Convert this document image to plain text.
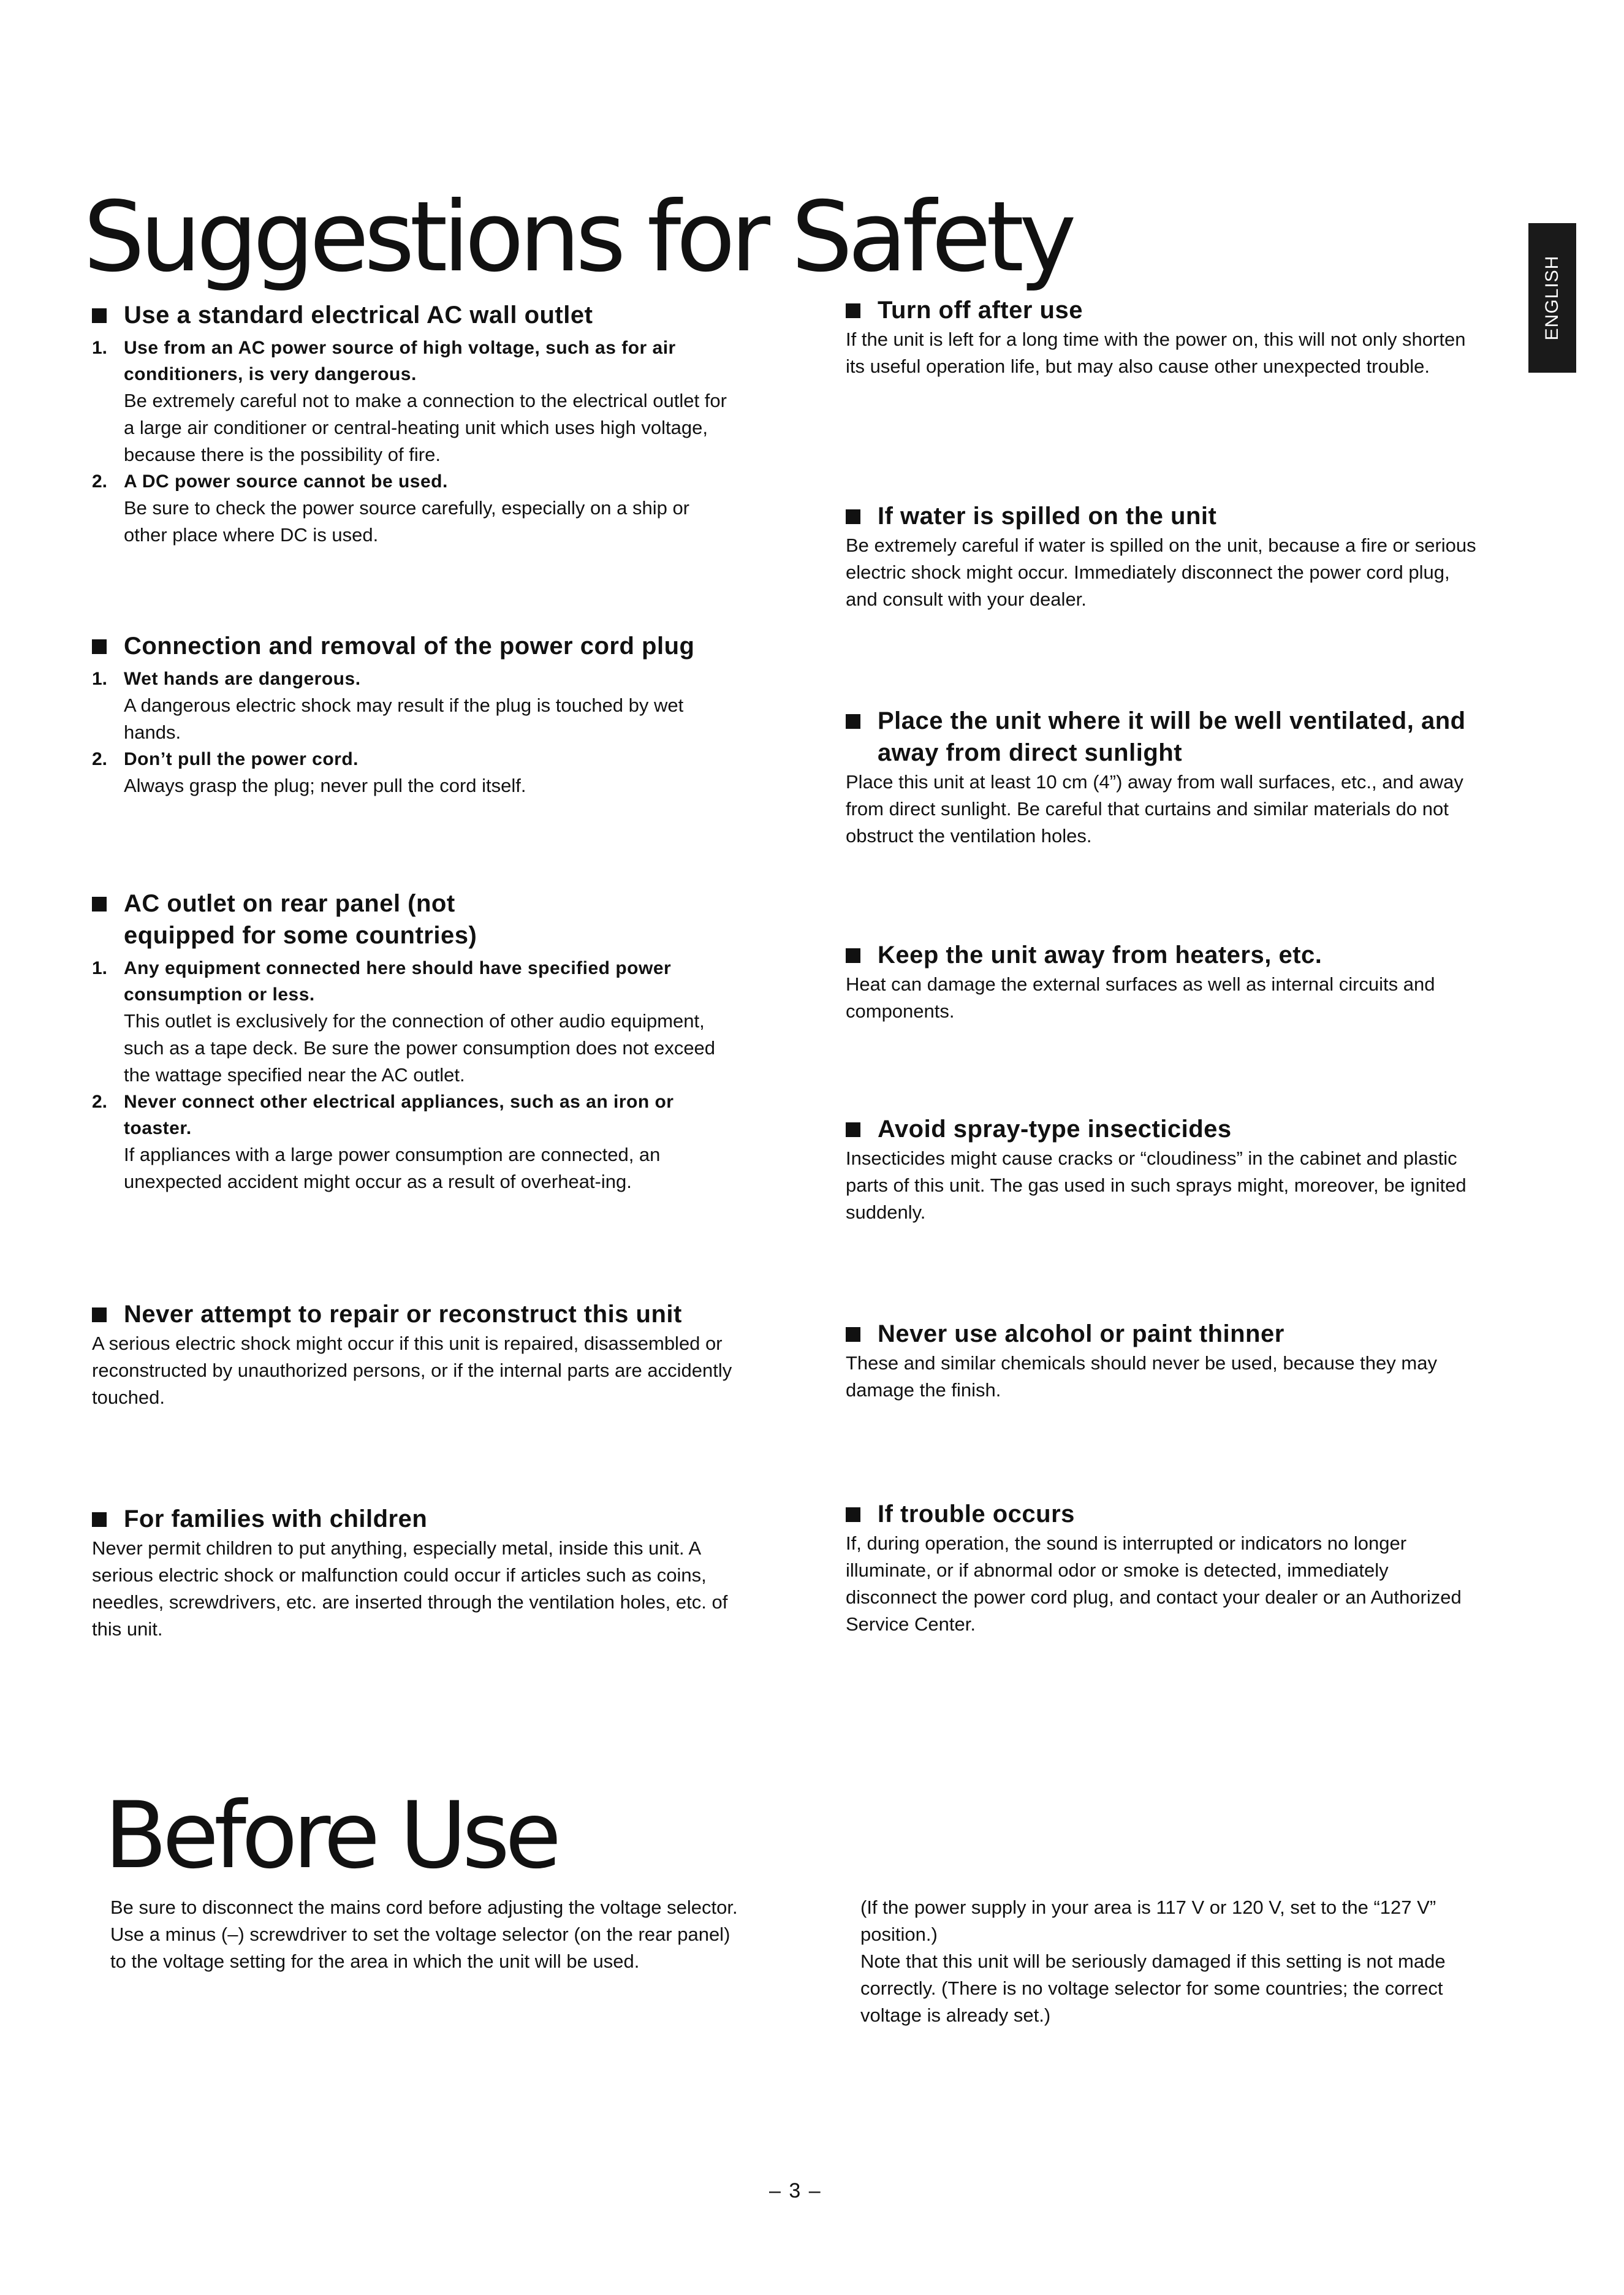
Suggestions for Safety
ENGLISH
Use a standard electrical AC wall outlet
1. Use from an AC power source of high voltage, such as for air conditioners, is very dangerous.

Be extremely careful not to make a connection to the electrical outlet for a large air conditioner or central-heating unit which uses high voltage, because there is the possibility of fire.

2. A DC power source cannot be used.

Be sure to check the power source carefully, especially on a ship or other place where DC is used.

Connection and removal of the power cord plug
1. Wet hands are dangerous.

A dangerous electric shock may result if the plug is touched by wet hands.

2. Don’t pull the power cord.

Always grasp the plug; never pull the cord itself.

AC outlet on rear panel (not equipped for some countries)
1. Any equipment connected here should have specified power consumption or less.

This outlet is exclusively for the connection of other audio equipment, such as a tape deck. Be sure the power consumption does not exceed the wattage specified near the AC outlet.

2. Never connect other electrical appliances, such as an iron or toaster.

If appliances with a large power consumption are connected, an unexpected accident might occur as a result of overheat-ing.

Never attempt to repair or reconstruct this unit

A serious electric shock might occur if this unit is repaired, disassembled or reconstructed by unauthorized persons, or if the internal parts are accidently touched.

For families with children

Never permit children to put anything, especially metal, inside this unit. A serious electric shock or malfunction could occur if articles such as coins, needles, screwdrivers, etc. are inserted through the ventilation holes, etc. of this unit.

Turn off after use

If the unit is left for a long time with the power on, this will not only shorten its useful operation life, but may also cause other unexpected trouble.

If water is spilled on the unit

Be extremely careful if water is spilled on the unit, because a fire or serious electric shock might occur. Immediately disconnect the power cord plug, and consult with your dealer.

Place the unit where it will be well ventilated, and away from direct sunlight

Place this unit at least 10 cm (4”) away from wall surfaces, etc., and away from direct sunlight. Be careful that curtains and similar materials do not obstruct the ventilation holes.

Keep the unit away from heaters, etc.

Heat can damage the external surfaces as well as internal circuits and components.

Avoid spray-type insecticides

Insecticides might cause cracks or “cloudiness” in the cabinet and plastic parts of this unit. The gas used in such sprays might, moreover, be ignited suddenly.

Never use alcohol or paint thinner

These and similar chemicals should never be used, because they may damage the finish.

If trouble occurs

If, during operation, the sound is interrupted or indicators no longer illuminate, or if abnormal odor or smoke is detected, immediately disconnect the power cord plug, and contact your dealer or an Authorized Service Center.

Before Use

Be sure to disconnect the mains cord before adjusting the voltage selector.

Use a minus (–) screwdriver to set the voltage selector (on the rear panel) to the voltage setting for the area in which the unit will be used.

(If the power supply in your area is 117 V or 120 V, set to the “127 V” position.)

Note that this unit will be seriously damaged if this setting is not made correctly. (There is no voltage selector for some countries; the correct voltage is already set.)

– 3 –
